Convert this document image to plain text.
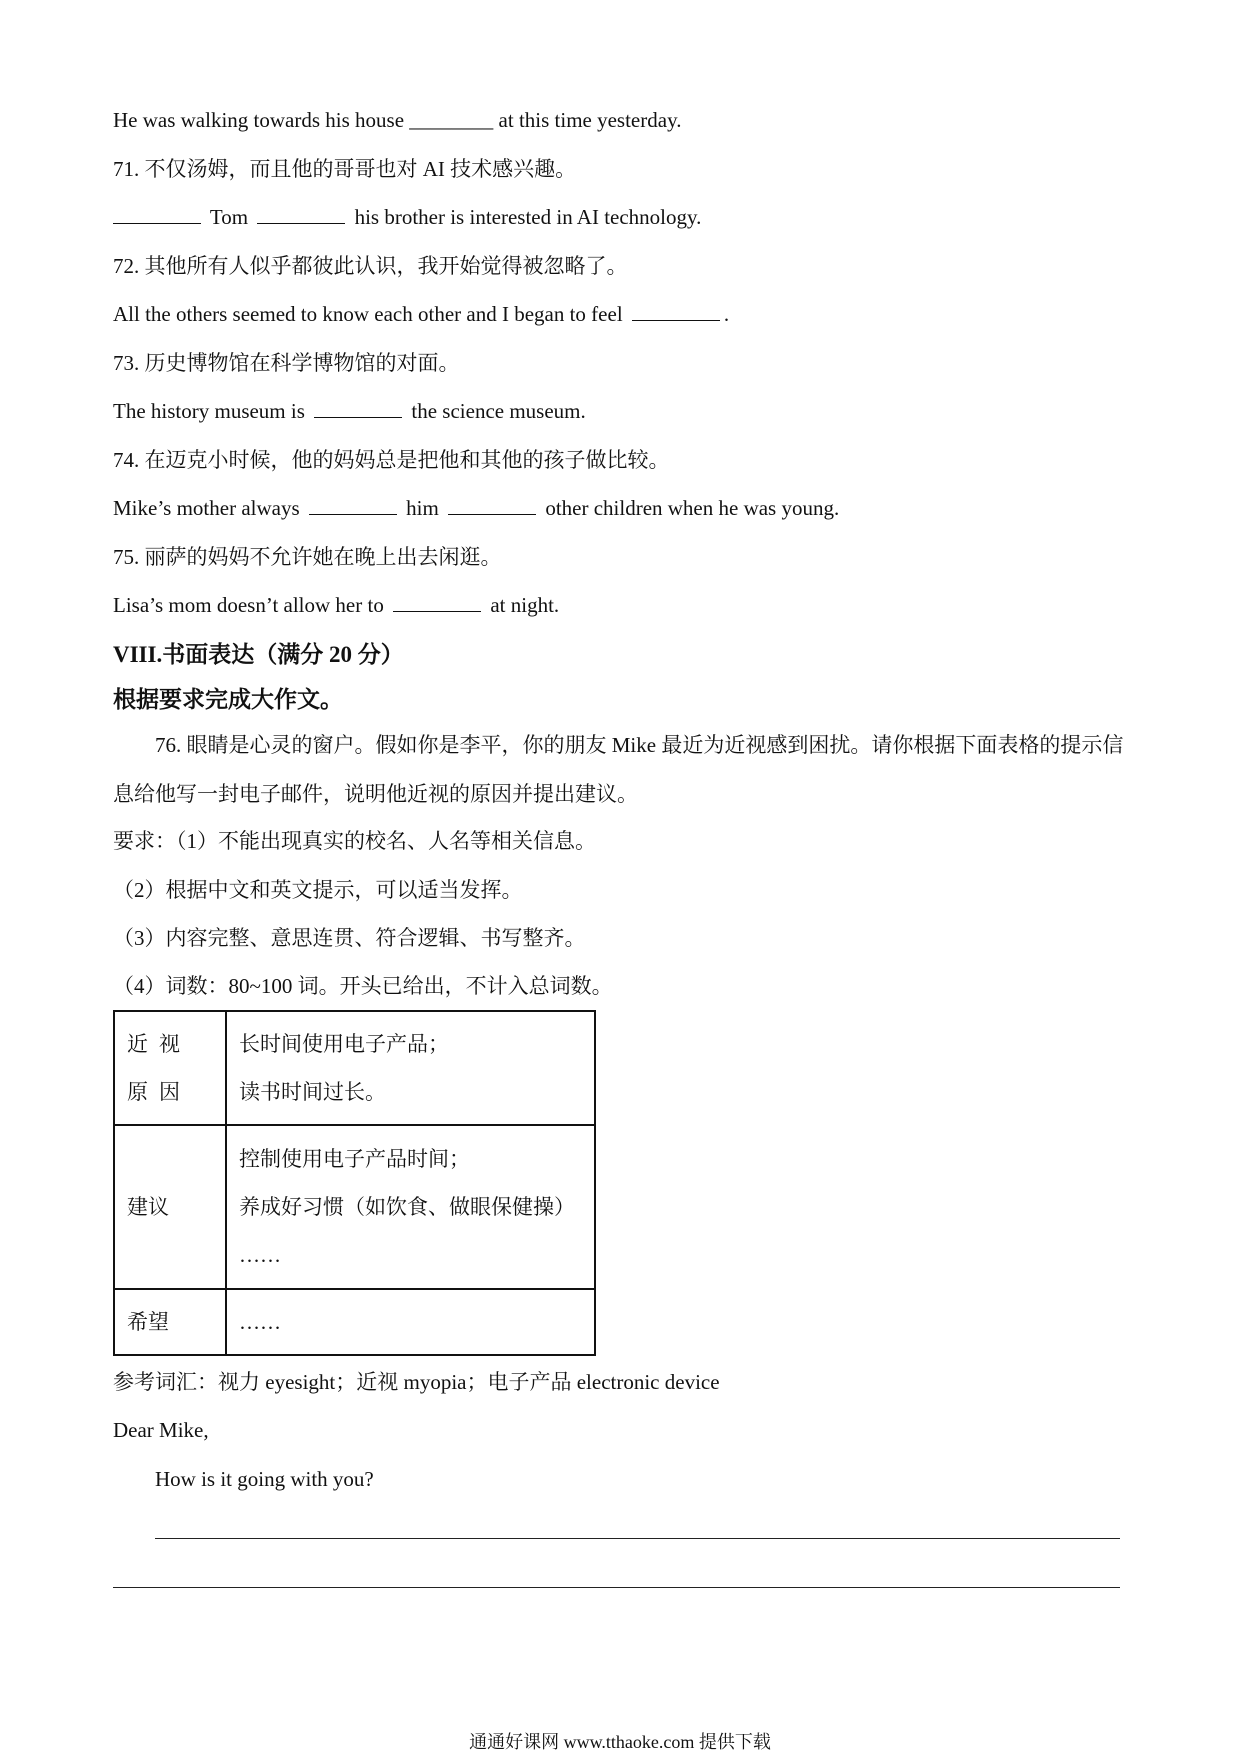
He was walking towards his house ________ at this time yesterday.
71. 不仅汤姆，而且他的哥哥也对 AI 技术感兴趣。
Tom	his brother is interested in AI technology.
72. 其他所有人似乎都彼此认识，我开始觉得被忽略了。
All the others seemed to know each other and I began to feel	.
73. 历史博物馆在科学博物馆的对面。
The history museum is	the science museum.
74. 在迈克小时候，他的妈妈总是把他和其他的孩子做比较。
Mike’s mother always	him	other children when he was young.
75. 丽萨的妈妈不允许她在晚上出去闲逛。
Lisa’s mom doesn’t allow her to	at night.
VIII.书面表达（满分 20 分）
根据要求完成大作文。
76. 眼睛是心灵的窗户。假如你是李平，你的朋友 Mike 最近为近视感到困扰。请你根据下面表格的提示信息给他写一封电子邮件，说明他近视的原因并提出建议。
要求：（1）不能出现真实的校名、人名等相关信息。
（2）根据中文和英文提示，可以适当发挥。
（3）内容完整、意思连贯、符合逻辑、书写整齐。
（4）词数：80~100 词。开头已给出，不计入总词数。
近视原因	长时间使用电子产品；
读书时间过长。

建议	控制使用电子产品时间；
养成好习惯（如饮食、做眼保健操）
……

希望	……
参考词汇：视力 eyesight；近视 myopia；电子产品 electronic device
Dear Mike,
How is it going with you?
通通好课网 www.tthaoke.com 提供下载
